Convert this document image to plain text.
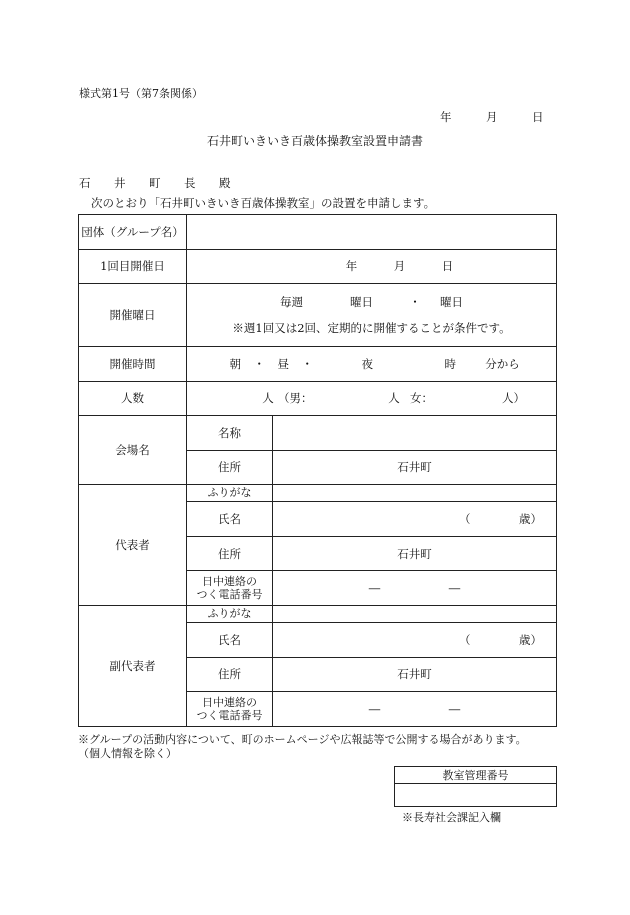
様式第1号（第7条関係）
年	月	日
石井町いきいき百歳体操教室設置申請書
石　井　町　長　殿
次のとおり「石井町いきいき百歳体操教室」の設置を申請します。
団体（グループ名）		
1回目開催日	年 月 日	
開催曜日	毎週 曜日 ・ 曜日
※週1回又は2回、定期的に開催することが条件です。	

開催時間	朝 ・ 昼 ・ 夜 時 分から	
人数	人 （男： 人 女： 人）	
会場名	名称	
	住所	石井町
代表者	ふりがな	
	氏名	（ 歳）

	住所	石井町

	日中連絡の
つく電話番号	― ―
副代表者	ふりがな	
	氏名	（ 歳）

	住所	石井町

	日中連絡の
つく電話番号	― ―
※グループの活動内容について、町のホームページや広報誌等で公開する場合があります。
（個人情報を除く）
教室管理番号

※長寿社会課記入欄
